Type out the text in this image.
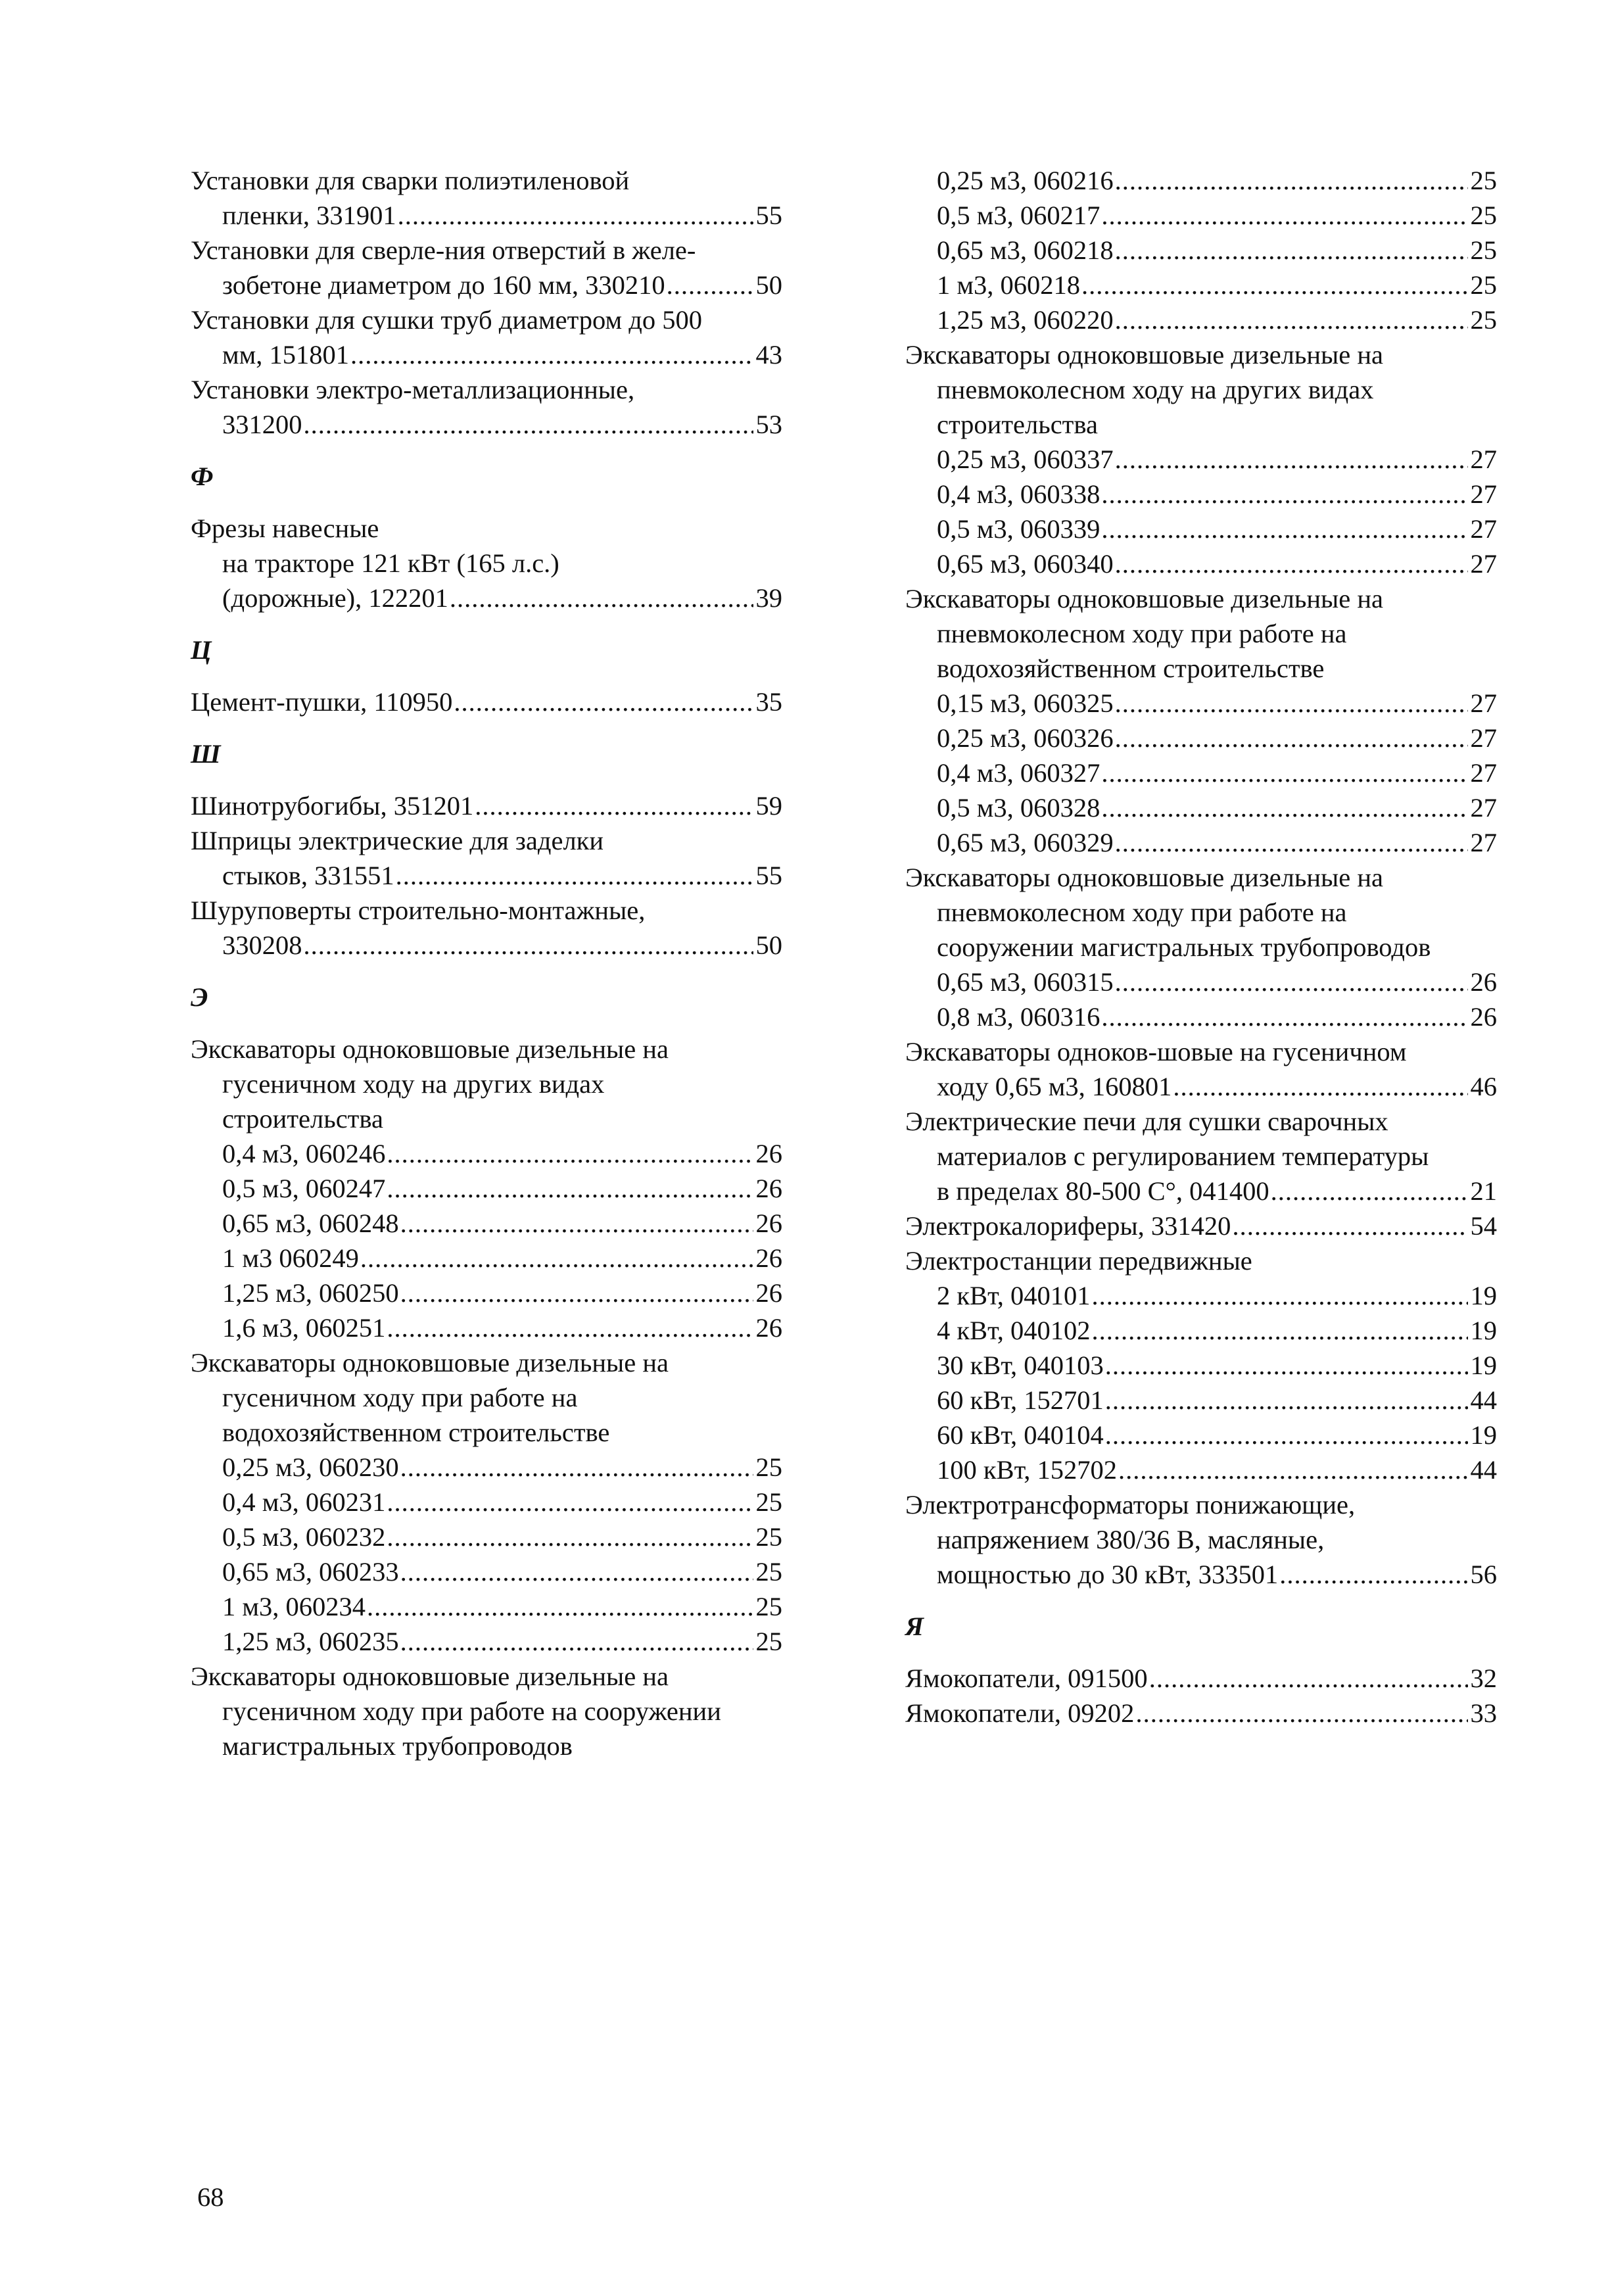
Установки для сварки полиэтиленовой
пленки, 331901 .....	55
Установки для сверле-ния отверстий в желе-
зобетоне диаметром до 160 мм, 330210 .....	50
Установки для сушки труб диаметром до 500
мм, 151801 .....	43
Установки электро-металлизационные,
331200 .....	53
Ф
Фрезы навесные
на тракторе 121 кВт (165 л.с.)
(дорожные), 122201 .....	39
Ц
Цемент-пушки, 110950 .....	35
Ш
Шинотрубогибы, 351201 .....	59
Шприцы электрические для заделки
стыков, 331551 .....	55
Шуруповерты строительно-монтажные,
330208 .....	50
Э
Экскаваторы одноковшовые дизельные на
гусеничном ходу на других видах
строительства
0,4 м3, 060246 .....	26
0,5 м3, 060247 .....	26
0,65 м3, 060248 .....	26
1 м3 060249 .....	26
1,25 м3, 060250 .....	26
1,6 м3, 060251 .....	26
Экскаваторы одноковшовые дизельные на
гусеничном ходу при работе на
водохозяйственном строительстве
0,25 м3, 060230 .....	25
0,4 м3, 060231 .....	25
0,5 м3, 060232 .....	25
0,65 м3, 060233 .....	25
1 м3, 060234 .....	25
1,25 м3, 060235 .....	25
Экскаваторы одноковшовые дизельные на
гусеничном ходу при работе на сооружении
магистральных трубопроводов
0,25 м3, 060216 .....	25
0,5 м3, 060217 .....	25
0,65 м3, 060218 .....	25
1 м3, 060218 .....	25
1,25 м3, 060220 .....	25
Экскаваторы одноковшовые дизельные на
пневмоколесном ходу на других видах
строительства
0,25 м3, 060337 .....	27
0,4 м3, 060338 .....	27
0,5 м3, 060339 .....	27
0,65 м3, 060340 .....	27
Экскаваторы одноковшовые дизельные на
пневмоколесном ходу при работе на
водохозяйственном строительстве
0,15 м3, 060325 .....	27
0,25 м3, 060326 .....	27
0,4 м3, 060327 .....	27
0,5 м3, 060328 .....	27
0,65 м3, 060329 .....	27
Экскаваторы одноковшовые дизельные на
пневмоколесном ходу при работе на
сооружении магистральных трубопроводов
0,65 м3, 060315 .....	26
0,8 м3, 060316 .....	26
Экскаваторы одноков-шовые на гусеничном
ходу 0,65 м3, 160801 .....	46
Электрические печи для сушки сварочных
материалов с регулированием температуры
в пределах 80-500 С°, 041400 .....	21
Электрокалориферы, 331420 .....	54
Электростанции передвижные
2 кВт, 040101 .....	19
4 кВт, 040102 .....	19
30 кВт, 040103 .....	19
60 кВт, 152701 .....	44
60 кВт, 040104 .....	19
100 кВт, 152702 .....	44
Электротрансформаторы понижающие,
напряжением 380/36 В, масляные,
мощностью до 30 кВт, 333501 .....	56
Я
Ямокопатели, 091500 .....	32
Ямокопатели, 09202 .....	33
68
